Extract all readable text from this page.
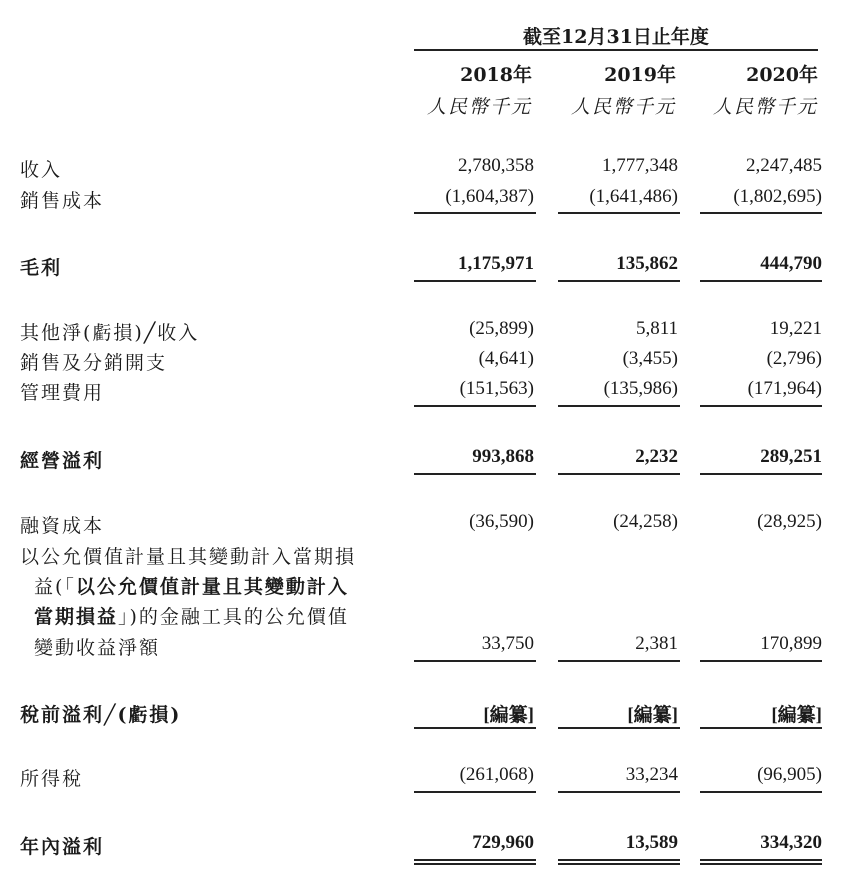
截至12月31日止年度
2018年	2019年	2020年
人民幣千元	人民幣千元	人民幣千元
收入	2,780,358	1,777,348	2,247,485
銷售成本	(1,604,387)	(1,641,486)	(1,802,695)
毛利	1,175,971	135,862	444,790
其他淨(虧損)╱收入	(25,899)	5,811	19,221
銷售及分銷開支	(4,641)	(3,455)	(2,796)
管理費用	(151,563)	(135,986)	(171,964)
經營溢利	993,868	2,232	289,251
融資成本	(36,590)	(24,258)	(28,925)
以公允價值計量且其變動計入當期損
益(「以公允價值計量且其變動計入
當期損益」)的金融工具的公允價值
變動收益淨額	33,750	2,381	170,899
稅前溢利╱(虧損)	[編纂]	[編纂]	[編纂]
所得稅	(261,068)	33,234	(96,905)
年內溢利	729,960	13,589	334,320
